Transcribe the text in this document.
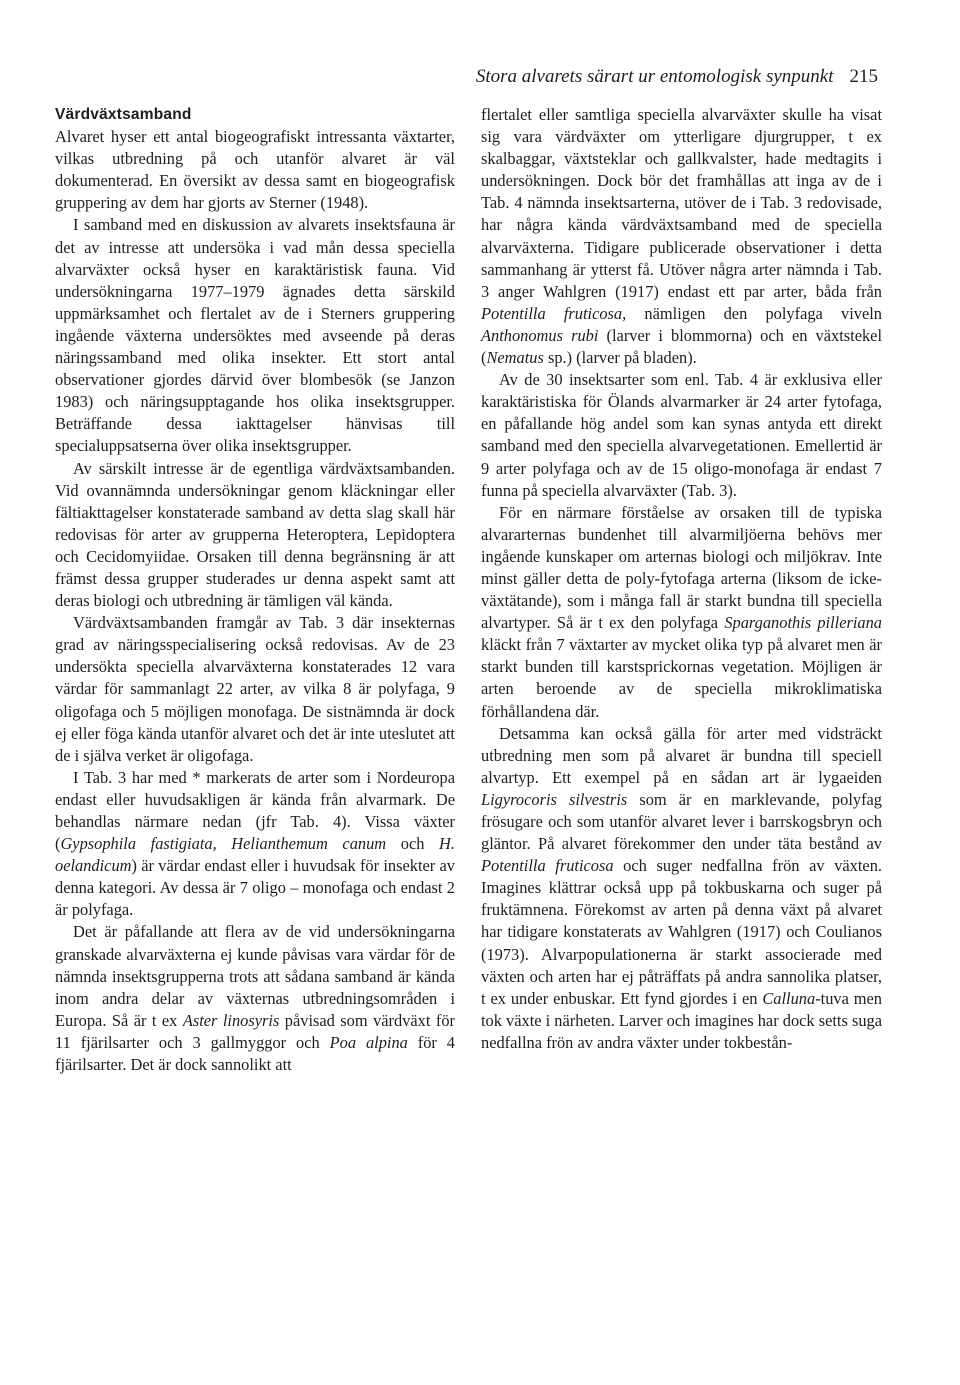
Stora alvarets särart ur entomologisk synpunkt 215
Värdväxtsamband

Alvaret hyser ett antal biogeografiskt intressanta växtarter, vilkas utbredning på och utanför alvaret är väl dokumenterad. En översikt av dessa samt en biogeografisk gruppering av dem har gjorts av Sterner (1948).

I samband med en diskussion av alvarets insektsfauna är det av intresse att undersöka i vad mån dessa speciella alvarväxter också hyser en karaktäristisk fauna. Vid undersökningarna 1977–1979 ägnades detta särskild uppmärksamhet och flertalet av de i Sterners gruppering ingående växterna undersöktes med avseende på deras näringssamband med olika insekter. Ett stort antal observationer gjordes därvid över blombesök (se Janzon 1983) och näringsupptagande hos olika insektsgrupper. Beträffande dessa iakttagelser hänvisas till specialuppsatserna över olika insektsgrupper.

Av särskilt intresse är de egentliga värdväxtsambanden. Vid ovannämnda undersökningar genom kläckningar eller fältiakttagelser konstaterade samband av detta slag skall här redovisas för arter av grupperna Heteroptera, Lepidoptera och Cecidomyiidae. Orsaken till denna begränsning är att främst dessa grupper studerades ur denna aspekt samt att deras biologi och utbredning är tämligen väl kända.

Värdväxtsambanden framgår av Tab. 3 där insekternas grad av näringsspecialisering också redovisas. Av de 23 undersökta speciella alvarväxterna konstaterades 12 vara värdar för sammanlagt 22 arter, av vilka 8 är polyfaga, 9 oligofaga och 5 möjligen monofaga. De sistnämnda är dock ej eller föga kända utanför alvaret och det är inte uteslutet att de i själva verket är oligofaga.

I Tab. 3 har med * markerats de arter som i Nordeuropa endast eller huvudsakligen är kända från alvarmark. De behandlas närmare nedan (jfr Tab. 4). Vissa växter (Gypsophila fastigiata, Helianthemum canum och H. oelandicum) är värdar endast eller i huvudsak för insekter av denna kategori. Av dessa är 7 oligo – monofaga och endast 2 är polyfaga.

Det är påfallande att flera av de vid undersökningarna granskade alvarväxterna ej kunde påvisas vara värdar för de nämnda insektsgrupperna trots att sådana samband är kända inom andra delar av växternas utbredningsområden i Europa. Så är t ex Aster linosyris påvisad som värdväxt för 11 fjärilsarter och 3 gallmyggor och Poa alpina för 4 fjärilsarter. Det är dock sannolikt att

flertalet eller samtliga speciella alvarväxter skulle ha visat sig vara värdväxter om ytterligare djurgrupper, t ex skalbaggar, växtsteklar och gallkvalster, hade medtagits i undersökningen. Dock bör det framhållas att inga av de i Tab. 4 nämnda insektsarterna, utöver de i Tab. 3 redovisade, har några kända värdväxtsamband med de speciella alvarväxterna. Tidigare publicerade observationer i detta sammanhang är ytterst få. Utöver några arter nämnda i Tab. 3 anger Wahlgren (1917) endast ett par arter, båda från Potentilla fruticosa, nämligen den polyfaga viveln Anthonomus rubi (larver i blommorna) och en växtstekel (Nematus sp.) (larver på bladen).

Av de 30 insektsarter som enl. Tab. 4 är exklusiva eller karaktäristiska för Ölands alvarmarker är 24 arter fytofaga, en påfallande hög andel som kan synas antyda ett direkt samband med den speciella alvarvegetationen. Emellertid är 9 arter polyfaga och av de 15 oligo-monofaga är endast 7 funna på speciella alvarväxter (Tab. 3).

För en närmare förståelse av orsaken till de typiska alvararternas bundenhet till alvarmiljöerna behövs mer ingående kunskaper om arternas biologi och miljökrav. Inte minst gäller detta de poly-fytofaga arterna (liksom de icke-växtätande), som i många fall är starkt bundna till speciella alvartyper. Så är t ex den polyfaga Sparganothis pilleriana kläckt från 7 växtarter av mycket olika typ på alvaret men är starkt bunden till karstsprickornas vegetation. Möjligen är arten beroende av de speciella mikroklimatiska förhållandena där.

Detsamma kan också gälla för arter med vidsträckt utbredning men som på alvaret är bundna till speciell alvartyp. Ett exempel på en sådan art är lygaeiden Ligyrocoris silvestris som är en marklevande, polyfag frösugare och som utanför alvaret lever i barrskogsbryn och gläntor. På alvaret förekommer den under täta bestånd av Potentilla fruticosa och suger nedfallna frön av växten. Imagines klättrar också upp på tokbuskarna och suger på fruktämnena. Förekomst av arten på denna växt på alvaret har tidigare konstaterats av Wahlgren (1917) och Coulianos (1973). Alvarpopulationerna är starkt associerade med växten och arten har ej påträffats på andra sannolika platser, t ex under enbuskar. Ett fynd gjordes i en Calluna-tuva men tok växte i närheten. Larver och imagines har dock setts suga nedfallna frön av andra växter under tokbestån-
